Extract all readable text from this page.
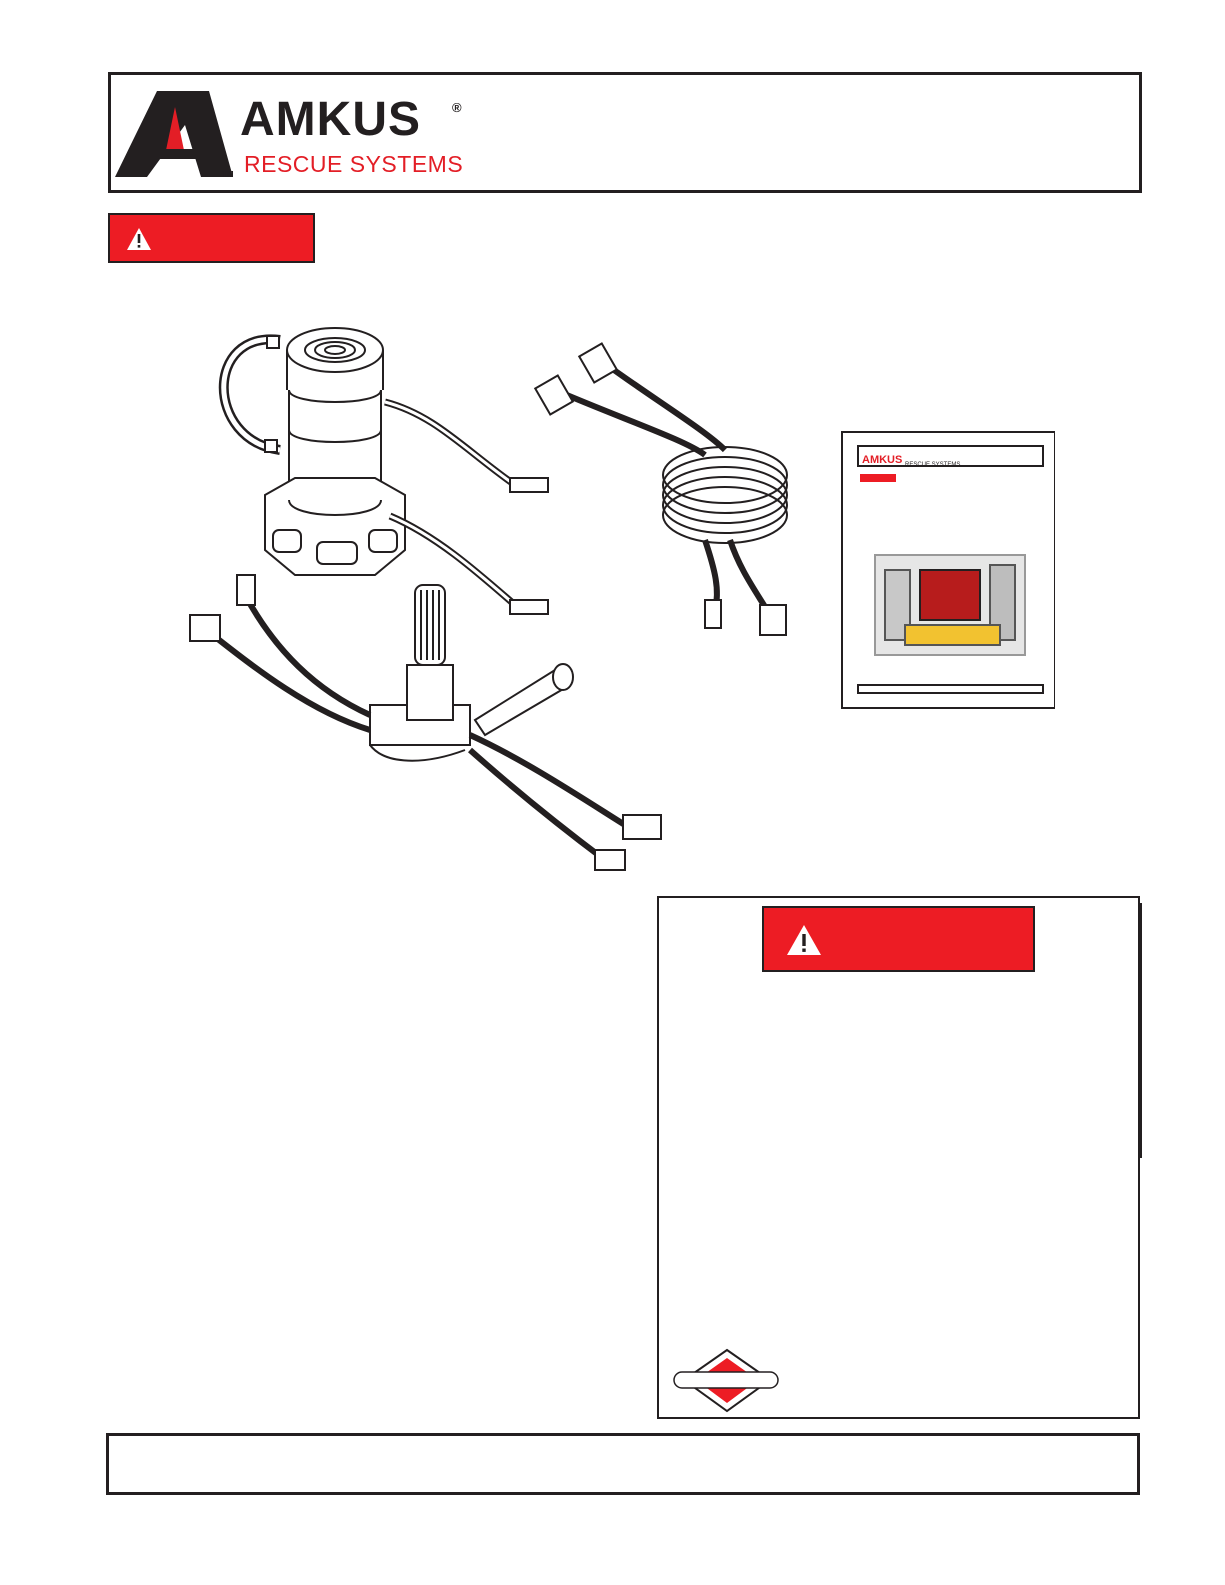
AMKUS ®
RESCUE SYSTEMS
TM
AMKUS RESCUE SYSTEMS
